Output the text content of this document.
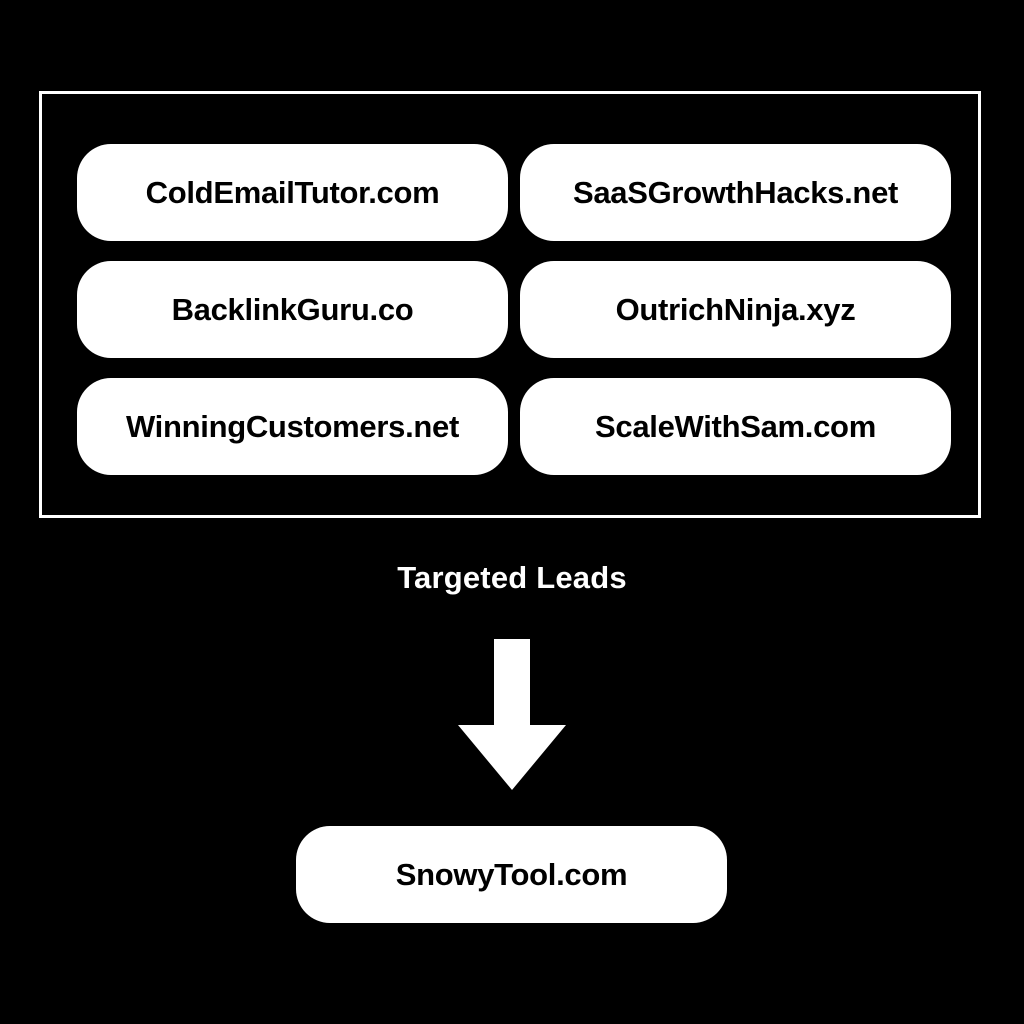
ColdEmailTutor.com	SaaSGrowthHacks.net
BacklinkGuru.co	OutrichNinja.xyz
WinningCustomers.net	ScaleWithSam.com
Targeted Leads
SnowyTool.com
